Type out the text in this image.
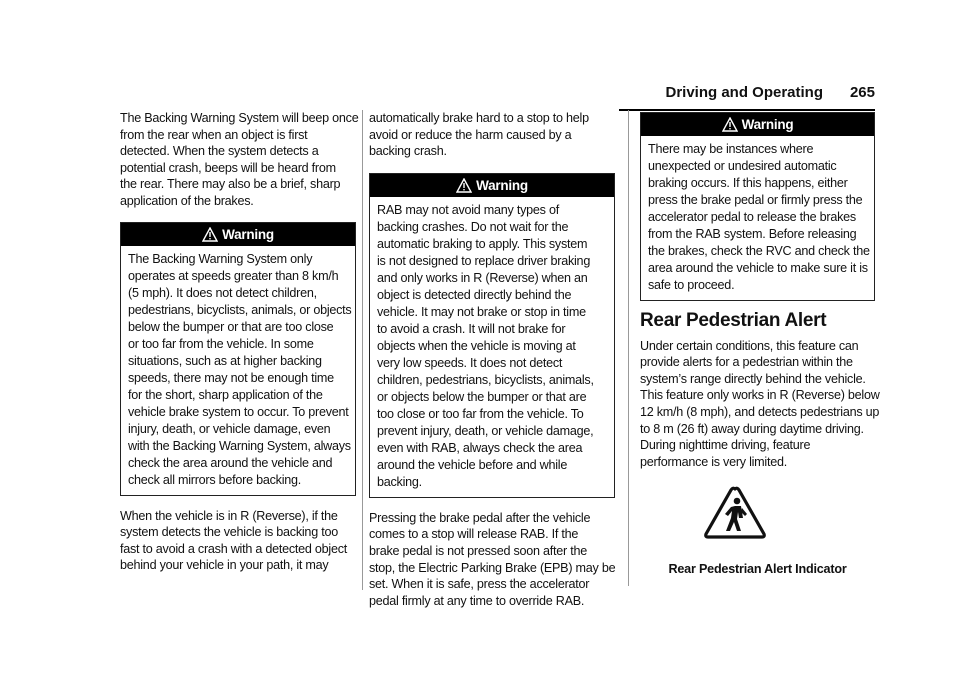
Driving and Operating 265

The Backing Warning System will beep once

from the rear when an object is first

detected. When the system detects a

potential crash, beeps will be heard from

the rear. There may also be a brief, sharp

application of the brakes.

Warning

The Backing Warning System only

operates at speeds greater than 8 km/h

(5 mph). It does not detect children,

pedestrians, bicyclists, animals, or objects

below the bumper or that are too close

or too far from the vehicle. In some

situations, such as at higher backing

speeds, there may not be enough time

for the short, sharp application of the

vehicle brake system to occur. To prevent

injury, death, or vehicle damage, even

with the Backing Warning System, always

check the area around the vehicle and

check all mirrors before backing.

When the vehicle is in R (Reverse), if the

system detects the vehicle is backing too

fast to avoid a crash with a detected object

behind your vehicle in your path, it may

automatically brake hard to a stop to help

avoid or reduce the harm caused by a

backing crash.

Warning

RAB may not avoid many types of

backing crashes. Do not wait for the

automatic braking to apply. This system

is not designed to replace driver braking

and only works in R (Reverse) when an

object is detected directly behind the

vehicle. It may not brake or stop in time

to avoid a crash. It will not brake for

objects when the vehicle is moving at

very low speeds. It does not detect

children, pedestrians, bicyclists, animals,

or objects below the bumper or that are

too close or too far from the vehicle. To

prevent injury, death, or vehicle damage,

even with RAB, always check the area

around the vehicle before and while

backing.

Pressing the brake pedal after the vehicle

comes to a stop will release RAB. If the

brake pedal is not pressed soon after the

stop, the Electric Parking Brake (EPB) may be

set. When it is safe, press the accelerator

pedal firmly at any time to override RAB.

Warning

There may be instances where

unexpected or undesired automatic

braking occurs. If this happens, either

press the brake pedal or firmly press the

accelerator pedal to release the brakes

from the RAB system. Before releasing

the brakes, check the RVC and check the

area around the vehicle to make sure it is

safe to proceed.

Rear Pedestrian Alert

Under certain conditions, this feature can

provide alerts for a pedestrian within the

system’s range directly behind the vehicle.

This feature only works in R (Reverse) below

12 km/h (8 mph), and detects pedestrians up

to 8 m (26 ft) away during daytime driving.

During nighttime driving, feature

performance is very limited.

Rear Pedestrian Alert Indicator
